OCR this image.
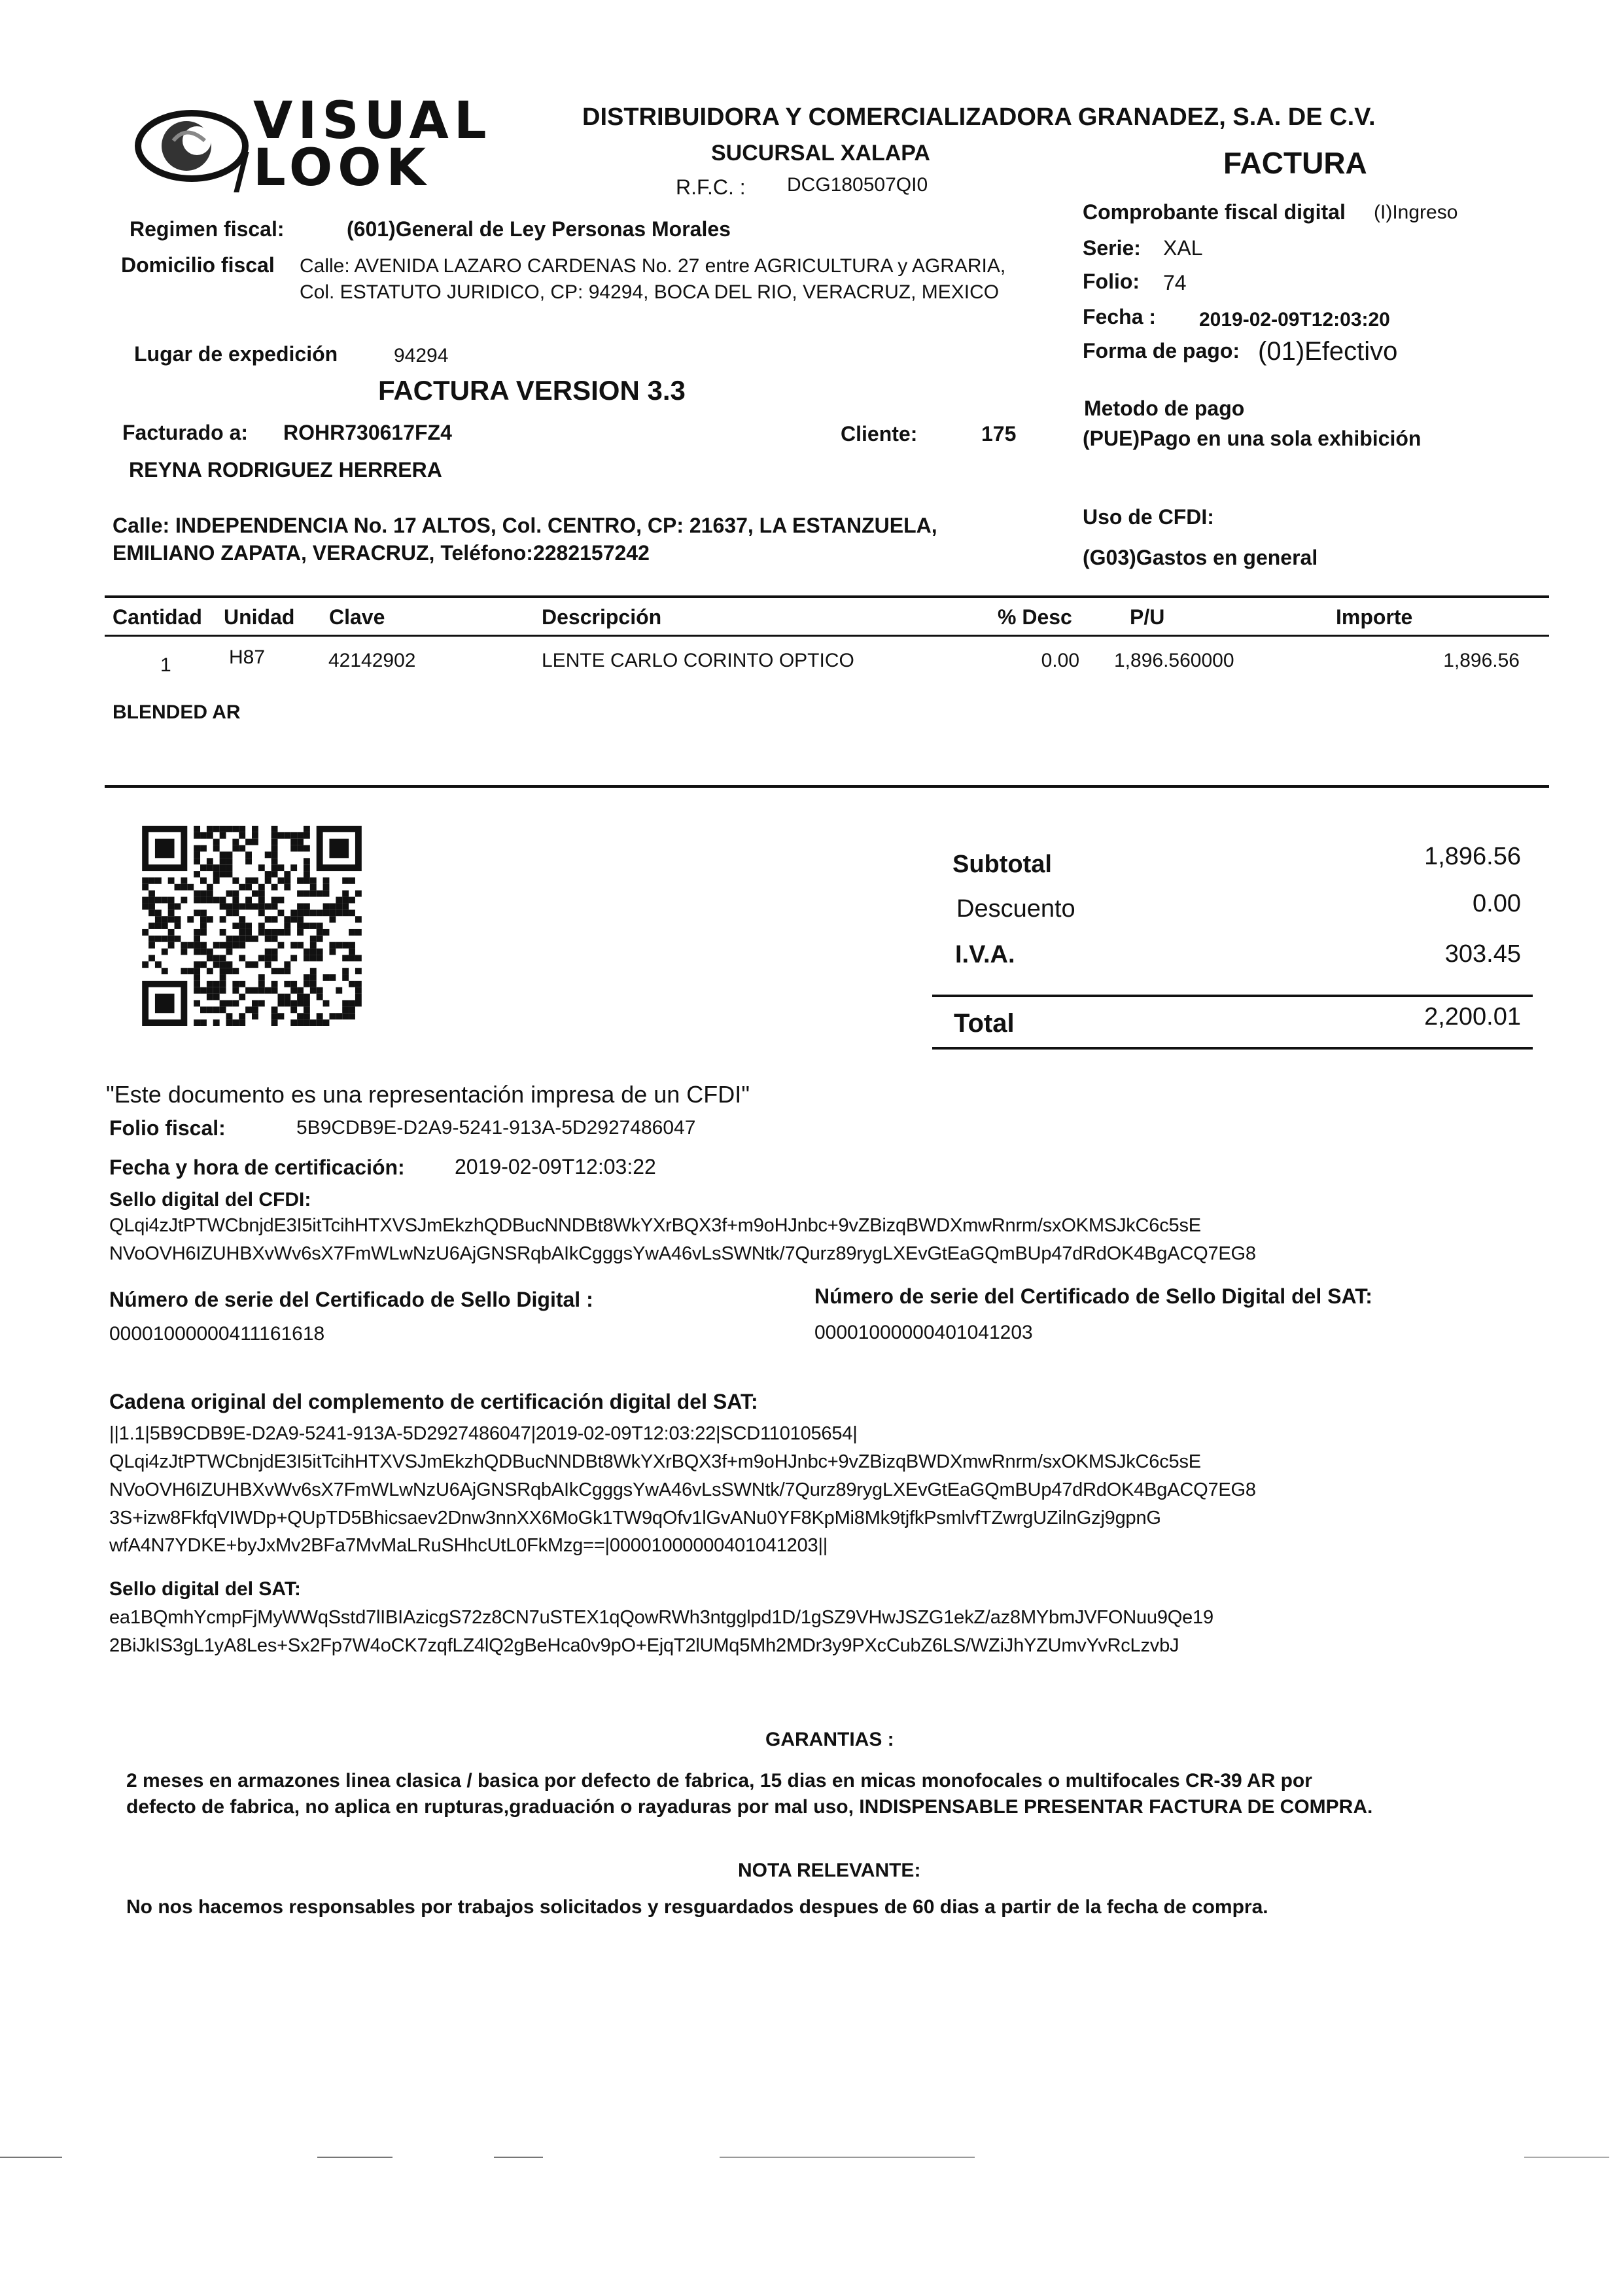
VISUAL
LOOK
DISTRIBUIDORA Y COMERCIALIZADORA GRANADEZ, S.A. DE C.V.
SUCURSAL XALAPA
R.F.C. : DCG180507QI0
FACTURA
Comprobante fiscal digital (I)Ingreso
Serie: XAL
Folio: 74
Fecha : 2019-02-09T12:03:20
Forma de pago: (01)Efectivo
Metodo de pago
(PUE)Pago en una sola exhibición
Uso de CFDI:
(G03)Gastos en general
Regimen fiscal:	(601)General de Ley Personas Morales
Domicilio fiscal Calle: AVENIDA LAZARO CARDENAS No. 27 entre AGRICULTURA y AGRARIA,
Col. ESTATUTO JURIDICO, CP: 94294, BOCA DEL RIO, VERACRUZ, MEXICO
Lugar de expedición	94294
FACTURA VERSION 3.3
Facturado a: ROHR730617FZ4	Cliente:	175
REYNA RODRIGUEZ HERRERA
Calle: INDEPENDENCIA No. 17 ALTOS, Col. CENTRO, CP: 21637, LA ESTANZUELA,
EMILIANO ZAPATA, VERACRUZ, Teléfono:2282157242
Cantidad Unidad Clave	Descripción	% Desc	P/U	Importe
1	H87	42142902	LENTE CARLO CORINTO OPTICO	0.00 1,896.560000	1,896.56
BLENDED AR
Subtotal	1,896.56
Descuento	0.00
I.V.A.	303.45
Total	2,200.01
"Este documento es una representación impresa de un CFDI"
Folio fiscal:	5B9CDB9E-D2A9-5241-913A-5D2927486047
Fecha y hora de certificación: 2019-02-09T12:03:22
Sello digital del CFDI:
QLqi4zJtPTWCbnjdE3I5itTcihHTXVSJmEkzhQDBucNNDBt8WkYXrBQX3f+m9oHJnbc+9vZBizqBWDXmwRnrm/sxOKMSJkC6c5sE
NVoOVH6IZUHBXvWv6sX7FmWLwNzU6AjGNSRqbAIkCgggsYwA46vLsSWNtk/7Qurz89rygLXEvGtEaGQmBUp47dRdOK4BgACQ7EG8
Número de serie del Certificado de Sello Digital :
00001000000411161618
Número de serie del Certificado de Sello Digital del SAT:
00001000000401041203
Cadena original del complemento de certificación digital del SAT:
||1.1|5B9CDB9E-D2A9-5241-913A-5D2927486047|2019-02-09T12:03:22|SCD110105654|
QLqi4zJtPTWCbnjdE3I5itTcihHTXVSJmEkzhQDBucNNDBt8WkYXrBQX3f+m9oHJnbc+9vZBizqBWDXmwRnrm/sxOKMSJkC6c5sE
NVoOVH6IZUHBXvWv6sX7FmWLwNzU6AjGNSRqbAIkCgggsYwA46vLsSWNtk/7Qurz89rygLXEvGtEaGQmBUp47dRdOK4BgACQ7EG8
3S+izw8FkfqVIWDp+QUpTD5Bhicsaev2Dnw3nnXX6MoGk1TW9qOfv1lGvANu0YF8KpMi8Mk9tjfkPsmlvfTZwrgUZilnGzj9gpnG
wfA4N7YDKE+byJxMv2BFa7MvMaLRuSHhcUtL0FkMzg==|00001000000401041203||
Sello digital del SAT:
ea1BQmhYcmpFjMyWWqSstd7lIBIAzicgS72z8CN7uSTEX1qQowRWh3ntgglpd1D/1gSZ9VHwJSZG1ekZ/az8MYbmJVFONuu9Qe19
2BiJkIS3gL1yA8Les+Sx2Fp7W4oCK7zqfLZ4lQ2gBeHca0v9pO+EjqT2lUMq5Mh2MDr3y9PXcCubZ6LS/WZiJhYZUmvYvRcLzvbJ
GARANTIAS :
2 meses en armazones linea clasica / basica por defecto de fabrica, 15 dias en micas monofocales o multifocales CR-39 AR por
defecto de fabrica, no aplica en rupturas,graduación o rayaduras por mal uso, INDISPENSABLE PRESENTAR FACTURA DE COMPRA.
NOTA RELEVANTE:
No nos hacemos responsables por trabajos solicitados y resguardados despues de 60 dias a partir de la fecha de compra.
